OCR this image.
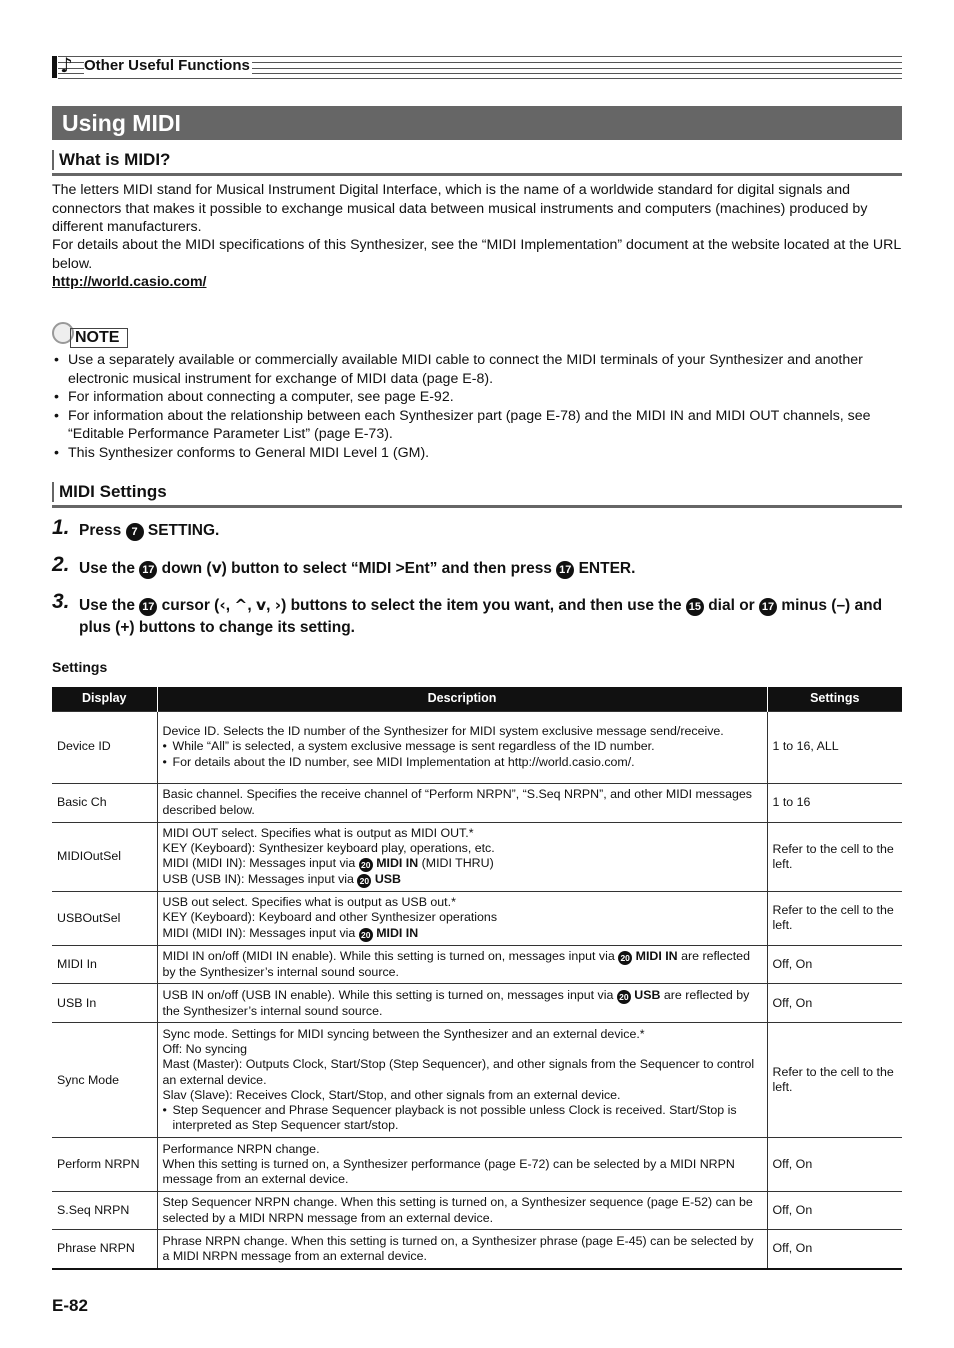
♪ Other Useful Functions
Using MIDI
What is MIDI?
The letters MIDI stand for Musical Instrument Digital Interface, which is the name of a worldwide standard for digital signals and connectors that makes it possible to exchange musical data between musical instruments and computers (machines) produced by different manufacturers.
For details about the MIDI specifications of this Synthesizer, see the “MIDI Implementation” document at the website located at the URL below.
http://world.casio.com/
NOTE
• Use a separately available or commercially available MIDI cable to connect the MIDI terminals of your Synthesizer and another electronic musical instrument for exchange of MIDI data (page E-8).
• For information about connecting a computer, see page E-92.
• For information about the relationship between each Synthesizer part (page E-78) and the MIDI IN and MIDI OUT channels, see “Editable Performance Parameter List” (page E-73).
• This Synthesizer conforms to General MIDI Level 1 (GM).
MIDI Settings
1. Press 7 SETTING.
2. Use the 17 down (v) button to select “MIDI >Ent” and then press 17 ENTER.
3. Use the 17 cursor (‹, ^, v, ›) buttons to select the item you want, and then use the 15 dial or 17 minus (–) and plus (+) buttons to change its setting.
Settings
Display	Description	Settings
Device ID	Device ID. Selects the ID number of the Synthesizer for MIDI system exclusive message send/receive.
• While “All” is selected, a system exclusive message is sent regardless of the ID number.
• For details about the ID number, see MIDI Implementation at http://world.casio.com/.	1 to 16, ALL
Basic Ch	Basic channel. Specifies the receive channel of “Perform NRPN”, “S.Seq NRPN”, and other MIDI messages described below.	1 to 16
MIDIOutSel	MIDI OUT select. Specifies what is output as MIDI OUT.*
KEY (Keyboard): Synthesizer keyboard play, operations, etc.
MIDI (MIDI IN): Messages input via 20 MIDI IN (MIDI THRU)
USB (USB IN): Messages input via 20 USB	Refer to the cell to the left.
USBOutSel	USB out select. Specifies what is output as USB out.*
KEY (Keyboard): Keyboard and other Synthesizer operations
MIDI (MIDI IN): Messages input via 20 MIDI IN	Refer to the cell to the left.
MIDI In	MIDI IN on/off (MIDI IN enable). While this setting is turned on, messages input via 20 MIDI IN are reflected by the Synthesizer’s internal sound source.	Off, On
USB In	USB IN on/off (USB IN enable). While this setting is turned on, messages input via 20 USB are reflected by the Synthesizer’s internal sound source.	Off, On
Sync Mode	Sync mode. Settings for MIDI syncing between the Synthesizer and an external device.*
Off: No syncing
Mast (Master): Outputs Clock, Start/Stop (Step Sequencer), and other signals from the Sequencer to control an external device.
Slav (Slave): Receives Clock, Start/Stop, and other signals from an external device.
• Step Sequencer and Phrase Sequencer playback is not possible unless Clock is received. Start/Stop is interpreted as Step Sequencer start/stop.	Refer to the cell to the left.
Perform NRPN	Performance NRPN change.
When this setting is turned on, a Synthesizer performance (page E-72) can be selected by a MIDI NRPN message from an external device.	Off, On
S.Seq NRPN	Step Sequencer NRPN change. When this setting is turned on, a Synthesizer sequence (page E-52) can be selected by a MIDI NRPN message from an external device.	Off, On
Phrase NRPN	Phrase NRPN change. When this setting is turned on, a Synthesizer phrase (page E-45) can be selected by a MIDI NRPN message from an external device.	Off, On
E-82
